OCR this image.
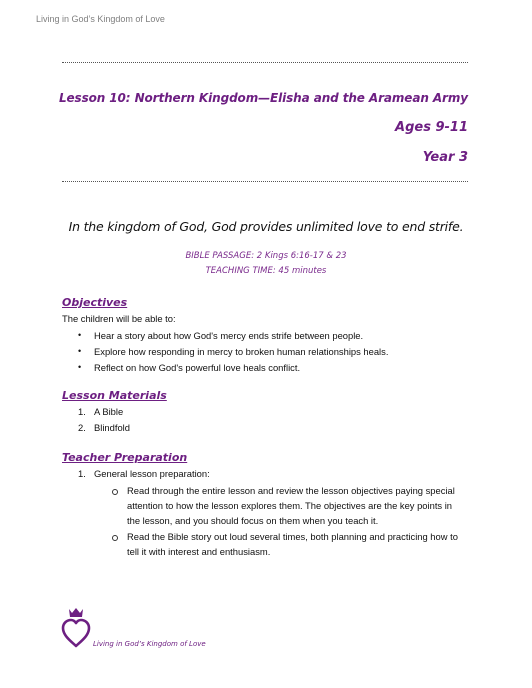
Living in God’s Kingdom of Love
Lesson 10: Northern Kingdom—Elisha and the Aramean Army
Ages 9-11
Year 3
In the kingdom of God, God provides unlimited love to end strife.
BIBLE PASSAGE: 2 Kings 6:16-17 & 23
TEACHING TIME: 45 minutes
Objectives
The children will be able to:
• Hear a story about how God's mercy ends strife between people.
• Explore how responding in mercy to broken human relationships heals.
• Reflect on how God's powerful love heals conflict.
Lesson Materials
1. A Bible
2. Blindfold
Teacher Preparation
1. General lesson preparation:
Read through the entire lesson and review the lesson objectives paying special
attention to how the lesson explores them. The objectives are the key points in
the lesson, and you should focus on them when you teach it.
Read the Bible story out loud several times, both planning and practicing how to
tell it with interest and enthusiasm.
Living in God’s Kingdom of Love
